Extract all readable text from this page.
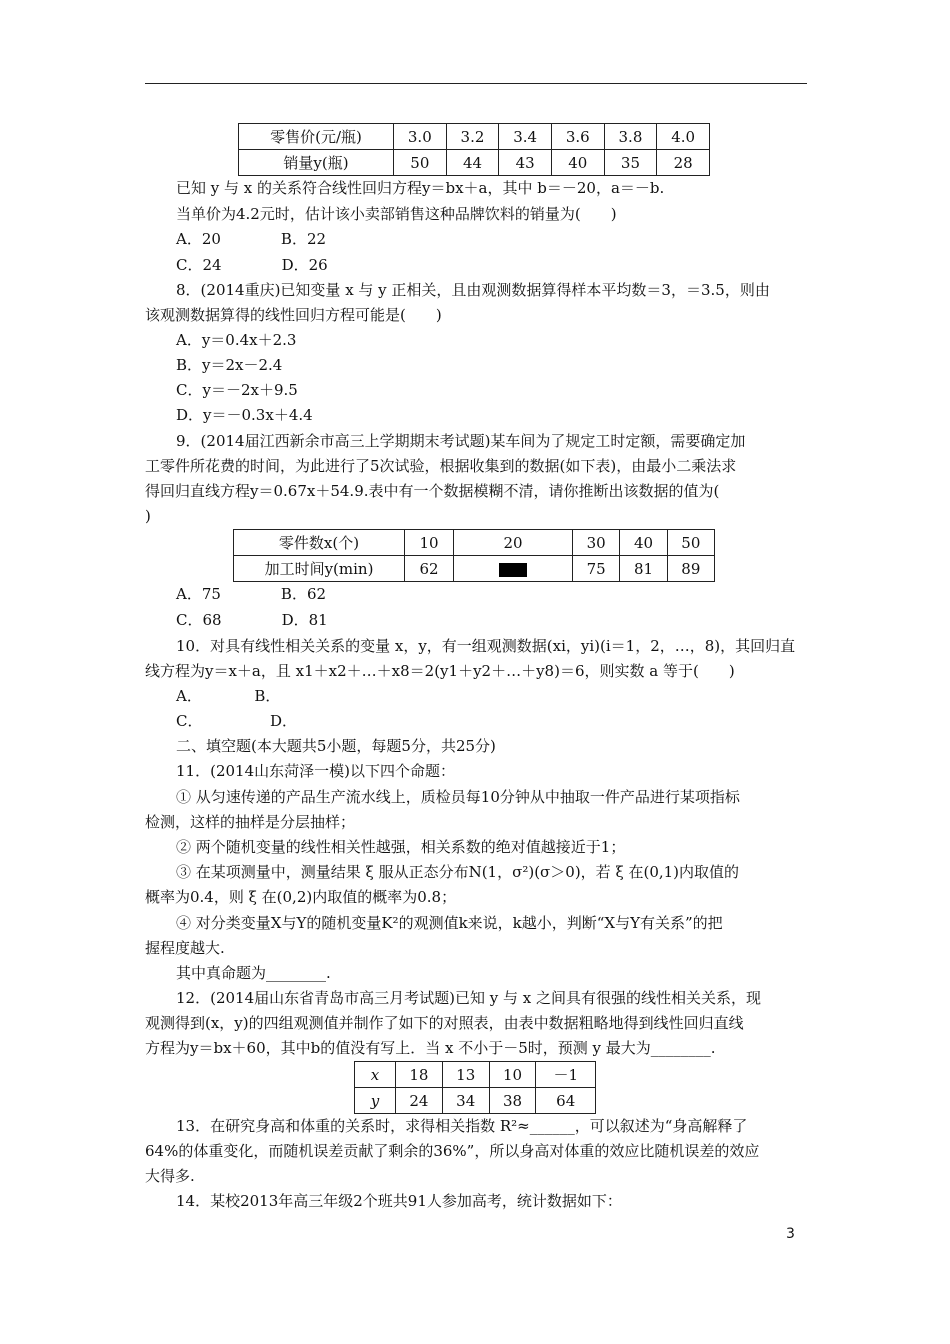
零售价(元/瓶)	3.0	3.2	3.4	3.6	3.8	4.0
销量y(瓶)	50	44	43	40	35	28
已知 y 与 x 的关系符合线性回归方程y＝bx＋a，其中 b＝－20，a＝－b.
当单价为4.2元时，估计该小卖部销售这种品牌饮料的销量为(　　)
A．20　　　　B．22
C．24　　　　D．26
8．(2014重庆)已知变量 x 与 y 正相关，且由观测数据算得样本平均数＝3，＝3.5，则由
该观测数据算得的线性回归方程可能是(　　)
A．y＝0.4x＋2.3
B．y＝2x－2.4
C．y＝－2x＋9.5
D．y＝－0.3x＋4.4
9．(2014届江西新余市高三上学期期末考试题)某车间为了规定工时定额，需要确定加
工零件所花费的时间，为此进行了5次试验，根据收集到的数据(如下表)，由最小二乘法求
得回归直线方程y＝0.67x＋54.9.表中有一个数据模糊不清，请你推断出该数据的值为(
)
零件数x(个)	10	20	30	40	50
加工时间y(min)	62		75	81	89
A．75　　　　B．62
C．68　　　　D．81
10．对具有线性相关关系的变量 x，y，有一组观测数据(xi，yi)(i＝1，2，…，8)，其回归直
线方程为y＝x＋a，且 x1＋x2＋…＋x8＝2(y1＋y2＋…＋y8)＝6，则实数 a 等于(　　)
A．　　　　B．
C．　　　　　D．
二、填空题(本大题共5小题，每题5分，共25分)
11．(2014山东菏泽一模)以下四个命题：
① 从匀速传递的产品生产流水线上，质检员每10分钟从中抽取一件产品进行某项指标
检测，这样的抽样是分层抽样；
② 两个随机变量的线性相关性越强，相关系数的绝对值越接近于1；
③ 在某项测量中，测量结果 ξ 服从正态分布N(1，σ²)(σ＞0)，若 ξ 在(0,1)内取值的
概率为0.4，则 ξ 在(0,2)内取值的概率为0.8；
④ 对分类变量X与Y的随机变量K²的观测值k来说，k越小，判断“X与Y有关系”的把
握程度越大.
其中真命题为________.
12．(2014届山东省青岛市高三月考试题)已知 y 与 x 之间具有很强的线性相关关系，现
观测得到(x，y)的四组观测值并制作了如下的对照表，由表中数据粗略地得到线性回归直线
方程为y＝bx＋60，其中b的值没有写上．当 x 不小于－5时，预测 y 最大为________.
x	18	13	10	－1
y	24	34	38	64
13．在研究身高和体重的关系时，求得相关指数 R²≈______，可以叙述为“身高解释了
64%的体重变化，而随机误差贡献了剩余的36%”，所以身高对体重的效应比随机误差的效应
大得多.
14．某校2013年高三年级2个班共91人参加高考，统计数据如下：
3
